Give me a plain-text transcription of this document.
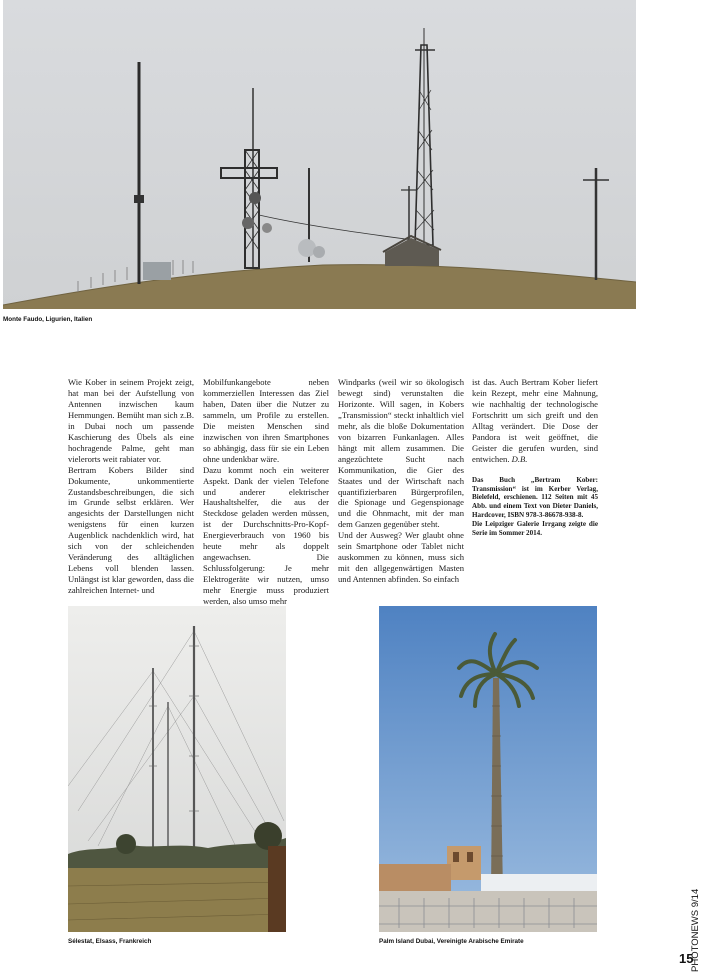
Monte Faudo, Ligurien, Italien

Wie Kober in seinem Projekt zeigt, hat man bei der Aufstellung von Antennen inzwischen kaum Hemmungen. Bemüht man sich z.B. in Dubai noch um passende Kaschierung des Übels als eine hochragende Palme, geht man vielerorts weit rabiater vor.

Bertram Kobers Bilder sind Dokumente, unkommentierte Zustandsbeschreibungen, die sich im Grunde selbst erklären. Wer angesichts der Darstellungen nicht wenigstens für einen kurzen Augenblick nachdenklich wird, hat sich von der schleichenden Veränderung des alltäglichen Lebens voll blenden lassen. Unlängst ist klar geworden, dass die zahlreichen Internet- und

Mobilfunkangebote neben kommerziellen Interessen das Ziel haben, Daten über die Nutzer zu sammeln, um Profile zu erstellen. Die meisten Menschen sind inzwischen von ihren Smartphones so abhängig, dass für sie ein Leben ohne undenkbar wäre.

Dazu kommt noch ein weiterer Aspekt. Dank der vielen Telefone und anderer elektrischer Haushaltshelfer, die aus der Steckdose geladen werden müssen, ist der Durchschnitts-Pro-Kopf-Energieverbrauch von 1960 bis heute mehr als doppelt angewachsen. Die Schlussfolgerung: Je mehr Elektrogeräte wir nutzen, umso mehr Energie muss produziert werden, also umso mehr

Windparks (weil wir so ökologisch bewegt sind) verunstalten die Horizonte. Will sagen, in Kobers „Transmission“ steckt inhaltlich viel mehr, als die bloße Dokumentation von bizarren Funkanlagen. Alles hängt mit allem zusammen. Die angezüchtete Sucht nach Kommunikation, die Gier des Staates und der Wirtschaft nach quantifizierbaren Bürgerprofilen, die Spionage und Gegenspionage und die Ohnmacht, mit der man dem Ganzen gegenüber steht.

Und der Ausweg? Wer glaubt ohne sein Smartphone oder Tablet nicht auskommen zu können, muss sich mit den allgegenwärtigen Masten und Antennen abfinden. So einfach

ist das. Auch Bertram Kober liefert kein Rezept, mehr eine Mahnung, wie nachhaltig der technologische Fortschritt um sich greift und den Alltag verändert. Die Dose der Pandora ist weit geöffnet, die Geister die gerufen wurden, sind entwichen. D.B.

Das Buch „Bertram Kober: Transmission“ ist im Kerber Verlag, Bielefeld, erschienen. 112 Seiten mit 45 Abb. und einem Text von Dieter Daniels, Hardcover, ISBN 978-3-86678-938-8.
Die Leipziger Galerie Irrgang zeigte die Serie im Sommer 2014.

Sélestat, Elsass, Frankreich	Palm Island Dubai, Vereinigte Arabische Emirate	PHOTONEWS 9/14
15
